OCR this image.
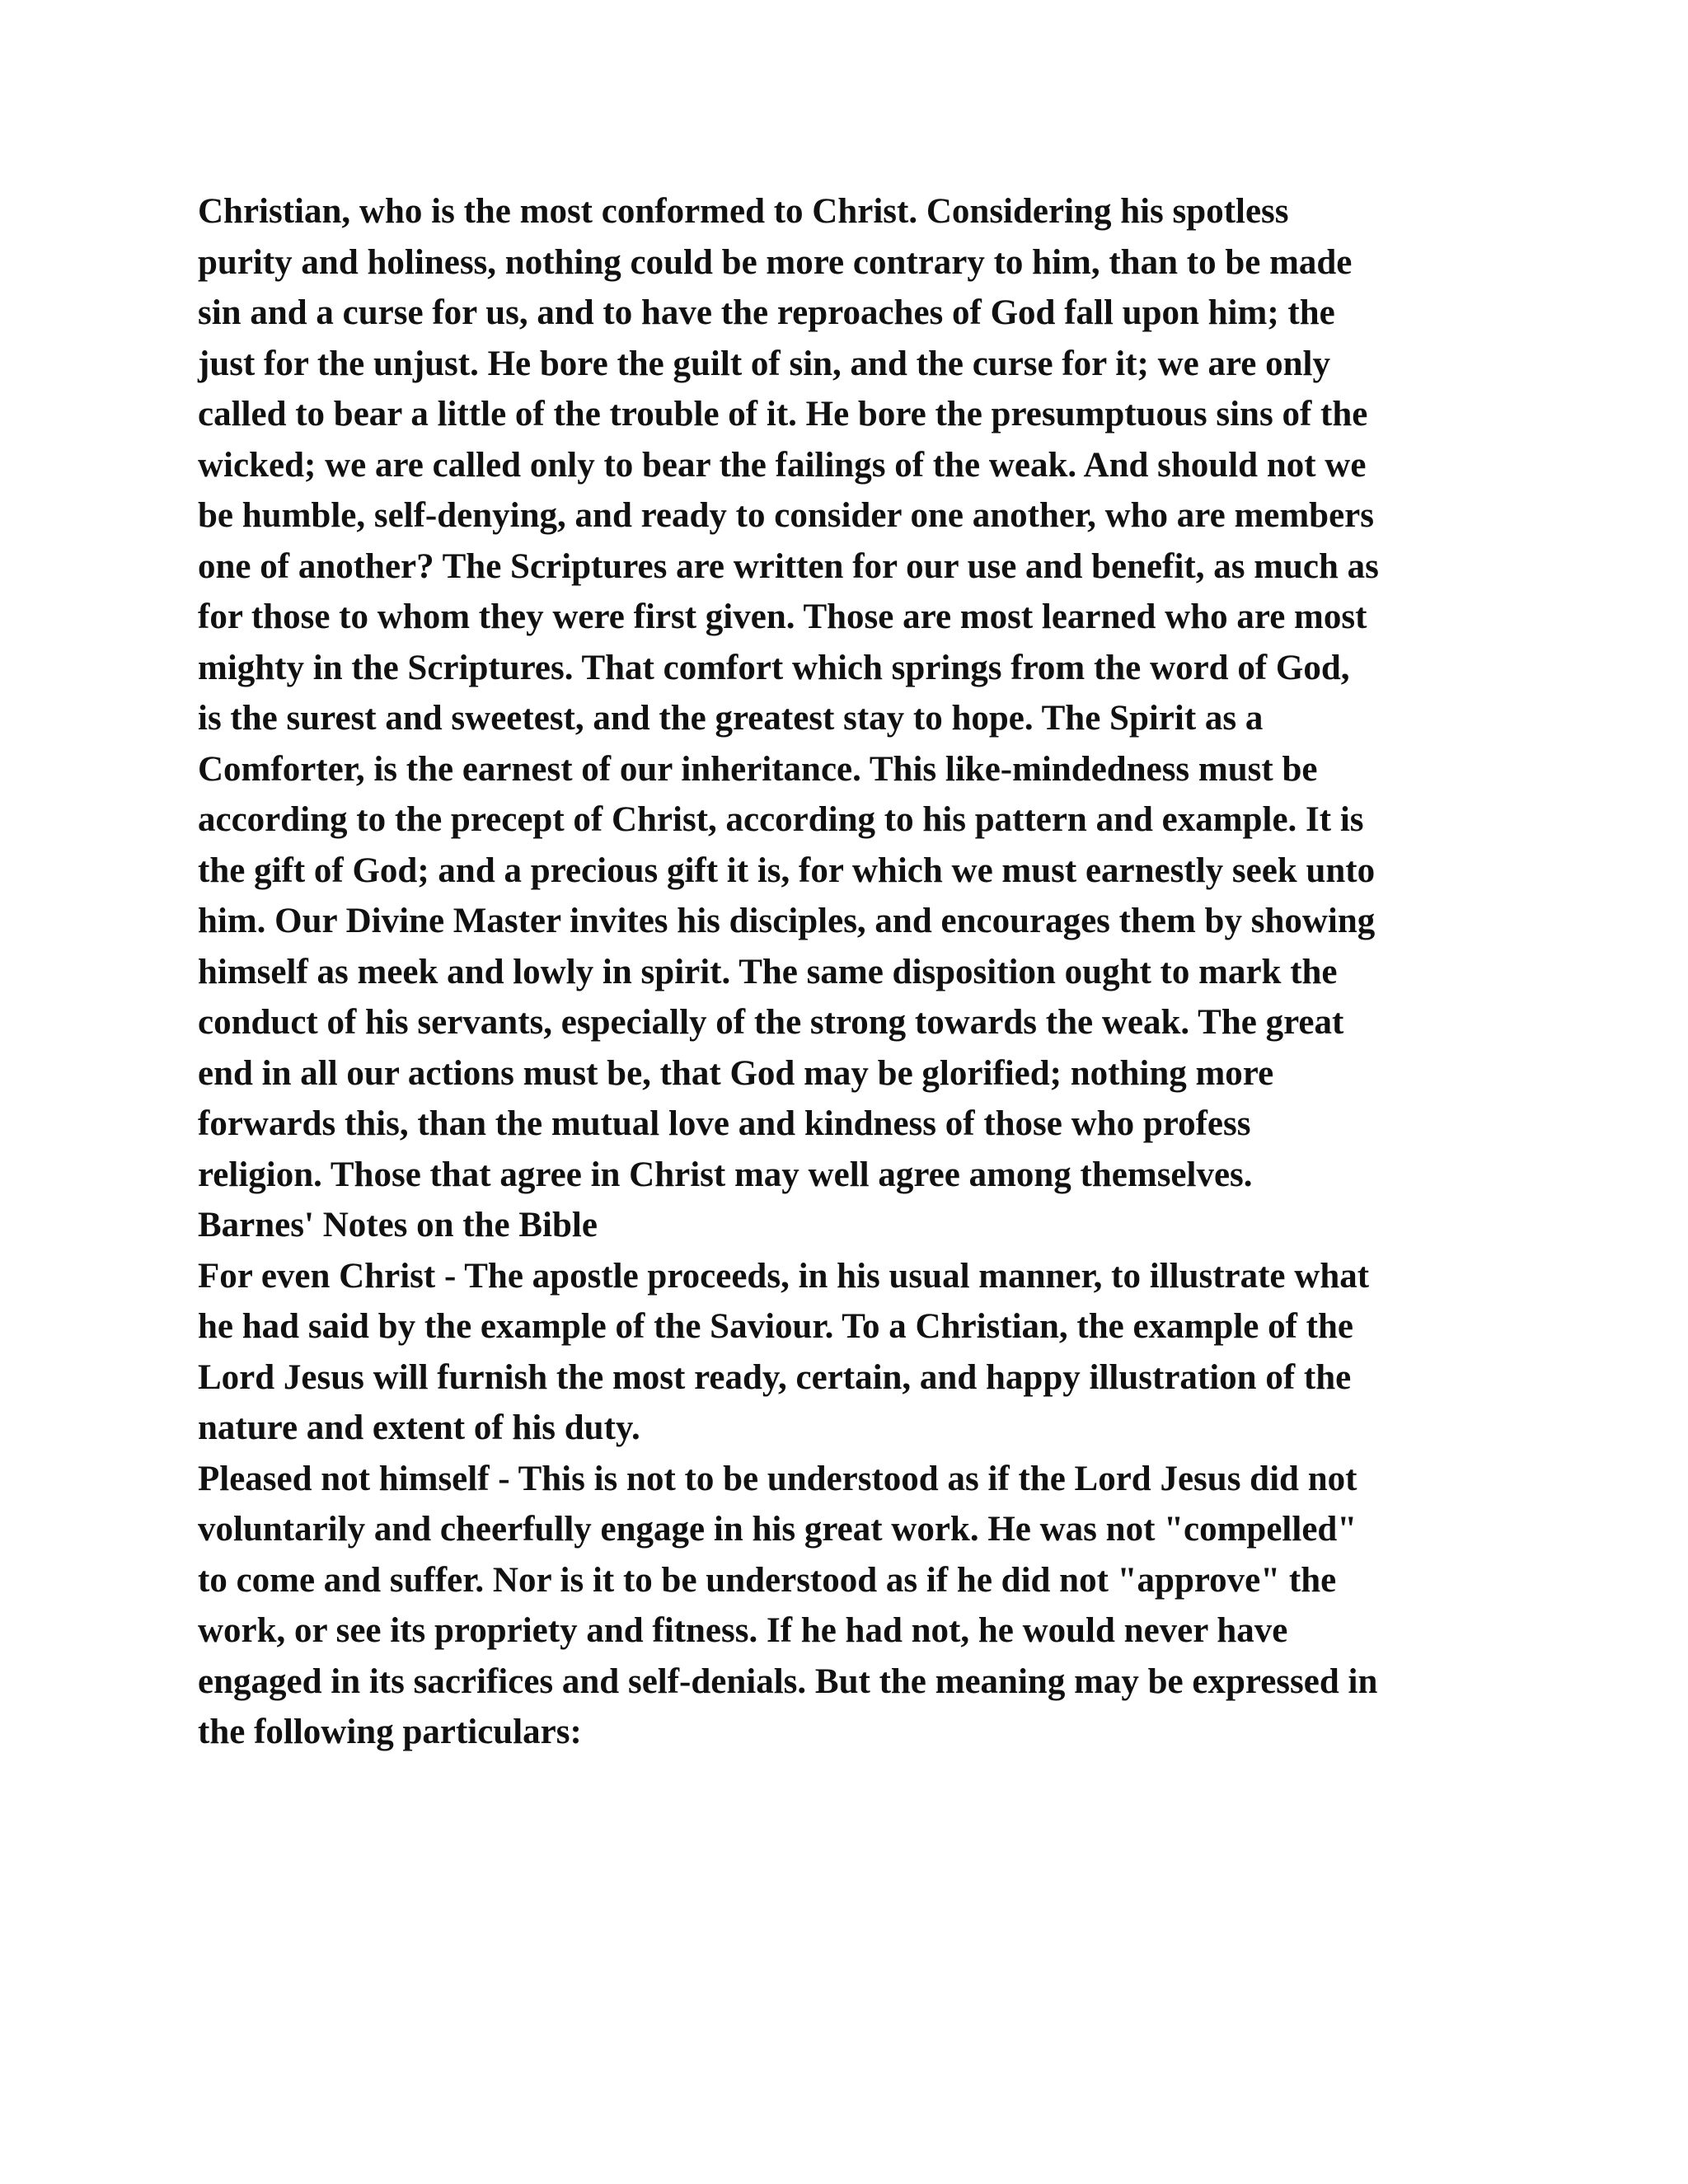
Christian, who is the most conformed to Christ. Considering his spotless
purity and holiness, nothing could be more contrary to him, than to be made
sin and a curse for us, and to have the reproaches of God fall upon him; the
just for the unjust. He bore the guilt of sin, and the curse for it; we are only
called to bear a little of the trouble of it. He bore the presumptuous sins of the
wicked; we are called only to bear the failings of the weak. And should not we
be humble, self-denying, and ready to consider one another, who are members
one of another? The Scriptures are written for our use and benefit, as much as
for those to whom they were first given. Those are most learned who are most
mighty in the Scriptures. That comfort which springs from the word of God,
is the surest and sweetest, and the greatest stay to hope. The Spirit as a
Comforter, is the earnest of our inheritance. This like-mindedness must be
according to the precept of Christ, according to his pattern and example. It is
the gift of God; and a precious gift it is, for which we must earnestly seek unto
him. Our Divine Master invites his disciples, and encourages them by showing
himself as meek and lowly in spirit. The same disposition ought to mark the
conduct of his servants, especially of the strong towards the weak. The great
end in all our actions must be, that God may be glorified; nothing more
forwards this, than the mutual love and kindness of those who profess
religion. Those that agree in Christ may well agree among themselves.

Barnes' Notes on the Bible

For even Christ - The apostle proceeds, in his usual manner, to illustrate what
he had said by the example of the Saviour. To a Christian, the example of the
Lord Jesus will furnish the most ready, certain, and happy illustration of the
nature and extent of his duty.

Pleased not himself - This is not to be understood as if the Lord Jesus did not
voluntarily and cheerfully engage in his great work. He was not "compelled"
to come and suffer. Nor is it to be understood as if he did not "approve" the
work, or see its propriety and fitness. If he had not, he would never have
engaged in its sacrifices and self-denials. But the meaning may be expressed in
the following particulars:
